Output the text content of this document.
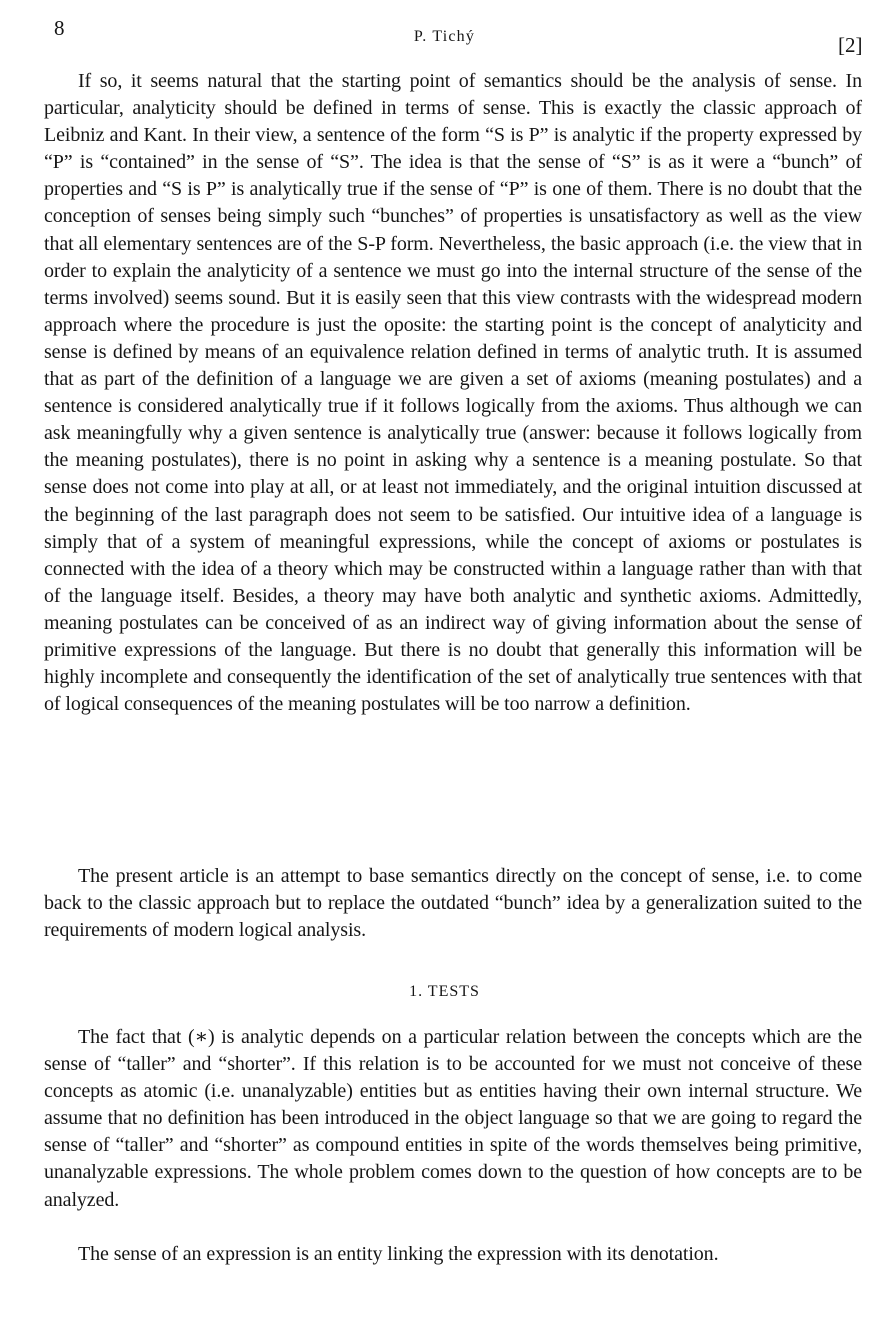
8	P. Tichý	[2]

If so, it seems natural that the starting point of semantics should be the analysis of sense. In particular, analyticity should be defined in terms of sense. This is exactly the classic approach of Leibniz and Kant. In their view, a sentence of the form “S is P” is analytic if the property expressed by “P” is “contained” in the sense of “S”. The idea is that the sense of “S” is as it were a “bunch” of properties and “S is P” is analytically true if the sense of “P” is one of them. There is no doubt that the conception of senses being simply such “bunches” of properties is unsatisfactory as well as the view that all elementary sentences are of the S-P form. Nevertheless, the basic approach (i.e. the view that in order to explain the analyticity of a sentence we must go into the internal structure of the sense of the terms involved) seems sound. But it is easily seen that this view contrasts with the widespread modern approach where the procedure is just the oposite: the starting point is the concept of analyticity and sense is defined by means of an equivalence relation defined in terms of analytic truth. It is assumed that as part of the definition of a language we are given a set of axioms (meaning postulates) and a sentence is considered analytically true if it follows logically from the axioms. Thus although we can ask meaningfully why a given sentence is analytically true (answer: because it follows logically from the meaning postulates), there is no point in asking why a sentence is a meaning postulate. So that sense does not come into play at all, or at least not immediately, and the original intuition discussed at the beginning of the last paragraph does not seem to be satisfied. Our intuitive idea of a language is simply that of a system of meaningful expressions, while the concept of axioms or postulates is connected with the idea of a theory which may be constructed within a language rather than with that of the language itself. Besides, a theory may have both analytic and synthetic axioms. Admittedly, meaning postulates can be conceived of as an indirect way of giving information about the sense of primitive expressions of the language. But there is no doubt that generally this information will be highly incomplete and consequently the identification of the set of analytically true sentences with that of logical consequences of the meaning postulates will be too narrow a definition.

The present article is an attempt to base semantics directly on the concept of sense, i.e. to come back to the classic approach but to replace the outdated “bunch” idea by a generalization suited to the requirements of modern logical analysis.

1. TESTS

The fact that (∗) is analytic depends on a particular relation between the concepts which are the sense of “taller” and “shorter”. If this relation is to be accounted for we must not conceive of these concepts as atomic (i.e. unanalyzable) entities but as entities having their own internal structure. We assume that no definition has been introduced in the object language so that we are going to regard the sense of “taller” and “shorter” as compound entities in spite of the words themselves being primitive, unanalyzable expressions. The whole problem comes down to the question of how concepts are to be analyzed.

The sense of an expression is an entity linking the expression with its denotation.
